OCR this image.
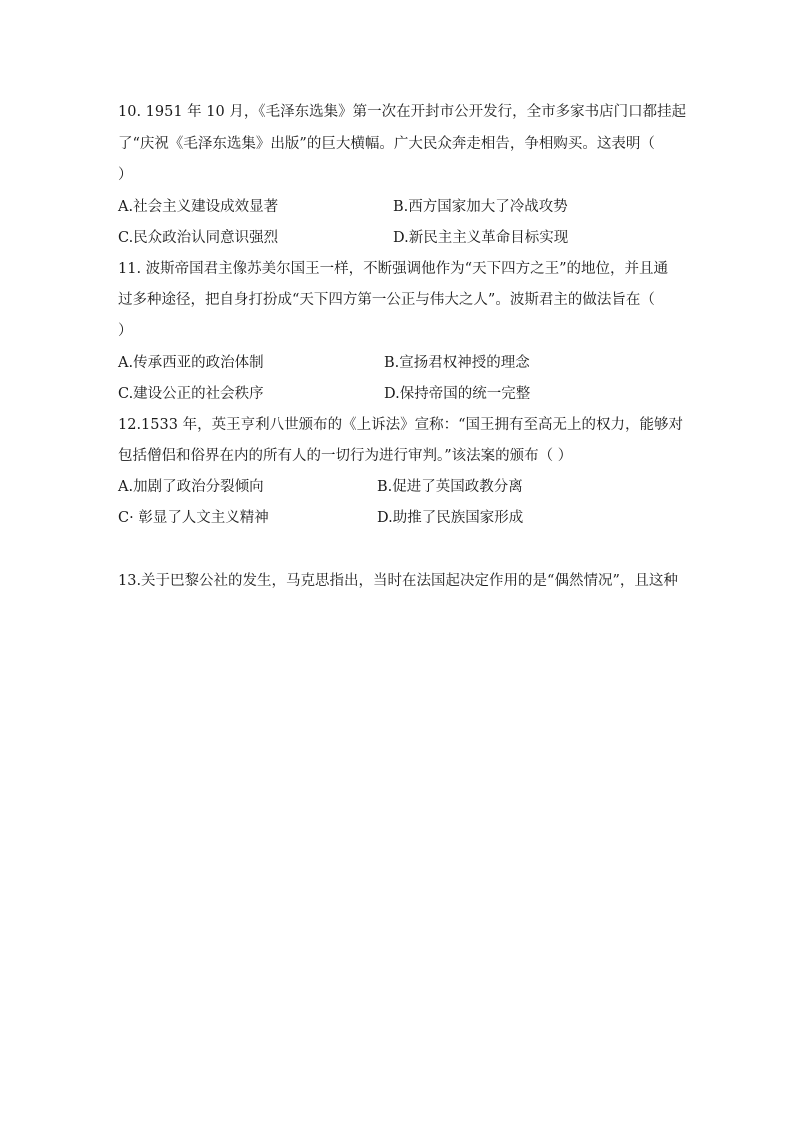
10. 1951 年 10 月，《毛泽东选集》第一次在开封市公开发行，全市多家书店门口都挂起
了“庆祝《毛泽东选集》出版”的巨大横幅。广大民众奔走相告，争相购买。这表明（
）
A.社会主义建设成效显著	B.西方国家加大了冷战攻势
C.民众政治认同意识强烈	D.新民主主义革命目标实现
11. 波斯帝国君主像苏美尔国王一样，不断强调他作为“天下四方之王”的地位，并且通
过多种途径，把自身打扮成“天下四方第一公正与伟大之人”。波斯君主的做法旨在（
）
A.传承西亚的政治体制	B.宣扬君权神授的理念
C.建设公正的社会秩序	D.保持帝国的统一完整
12.1533 年，英王亨利八世颁布的《上诉法》宣称：“国王拥有至高无上的权力，能够对
包括僧侣和俗界在内的所有人的一切行为进行审判。”该法案的颁布（ ）
A.加剧了政治分裂倾向	B.促进了英国政教分离
C· 彰显了人文主义精神	D.助推了民族国家形成
13.关于巴黎公社的发生，马克思指出，当时在法国起决定作用的是“偶然情况”，且这种
